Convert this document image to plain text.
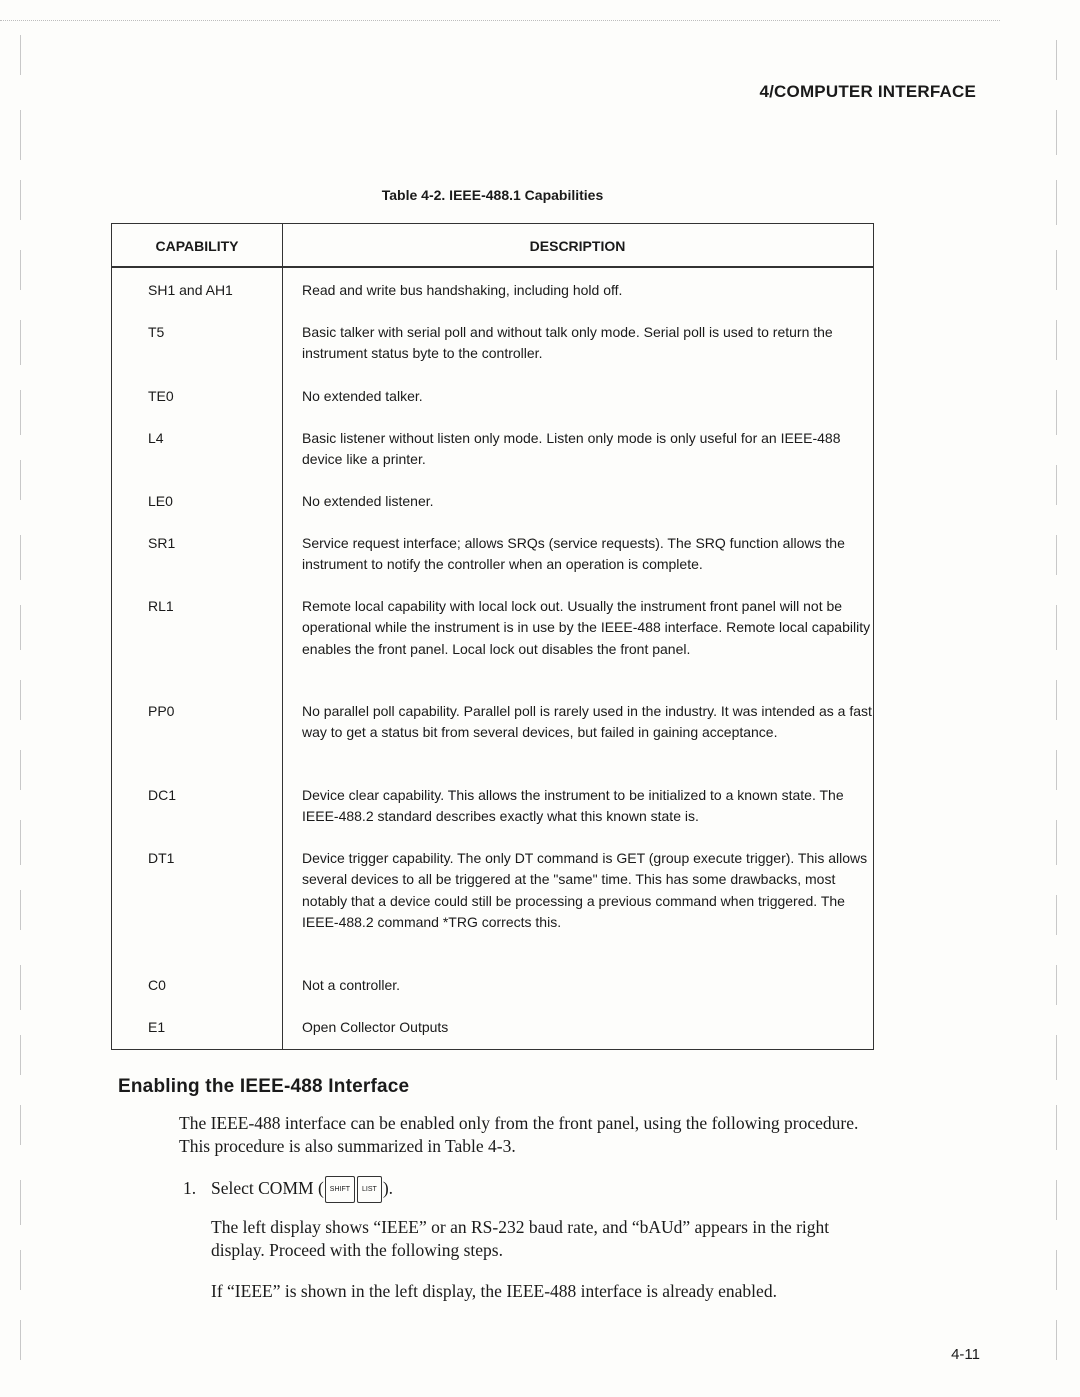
4/COMPUTER INTERFACE
Table 4-2. IEEE-488.1 Capabilities
CAPABILITY	DESCRIPTION
SH1 and AH1	Read and write bus handshaking, including hold off.
T5	Basic talker with serial poll and without talk only mode. Serial poll is used to return the instrument status byte to the controller.
TE0	No extended talker.
L4	Basic listener without listen only mode. Listen only mode is only useful for an IEEE-488 device like a printer.
LE0	No extended listener.
SR1	Service request interface; allows SRQs (service requests). The SRQ function allows the instrument to notify the controller when an operation is complete.
RL1	Remote local capability with local lock out. Usually the instrument front panel will not be operational while the instrument is in use by the IEEE-488 interface. Remote local capability enables the front panel. Local lock out disables the front panel.
PP0	No parallel poll capability. Parallel poll is rarely used in the industry. It was intended as a fast way to get a status bit from several devices, but failed in gaining acceptance.
DC1	Device clear capability. This allows the instrument to be initialized to a known state. The IEEE-488.2 standard describes exactly what this known state is.
DT1	Device trigger capability. The only DT command is GET (group execute trigger). This allows several devices to all be triggered at the "same" time. This has some drawbacks, most notably that a device could still be processing a previous command when triggered. The IEEE-488.2 command *TRG corrects this.
C0	Not a controller.
E1	Open Collector Outputs
Enabling the IEEE-488 Interface
The IEEE-488 interface can be enabled only from the front panel, using the following procedure. This procedure is also summarized in Table 4-3.
1. Select COMM ( SHIFT LIST ).
The left display shows “IEEE” or an RS-232 baud rate, and “bAUd” appears in the right display. Proceed with the following steps.
If “IEEE” is shown in the left display, the IEEE-488 interface is already enabled.
4-11
